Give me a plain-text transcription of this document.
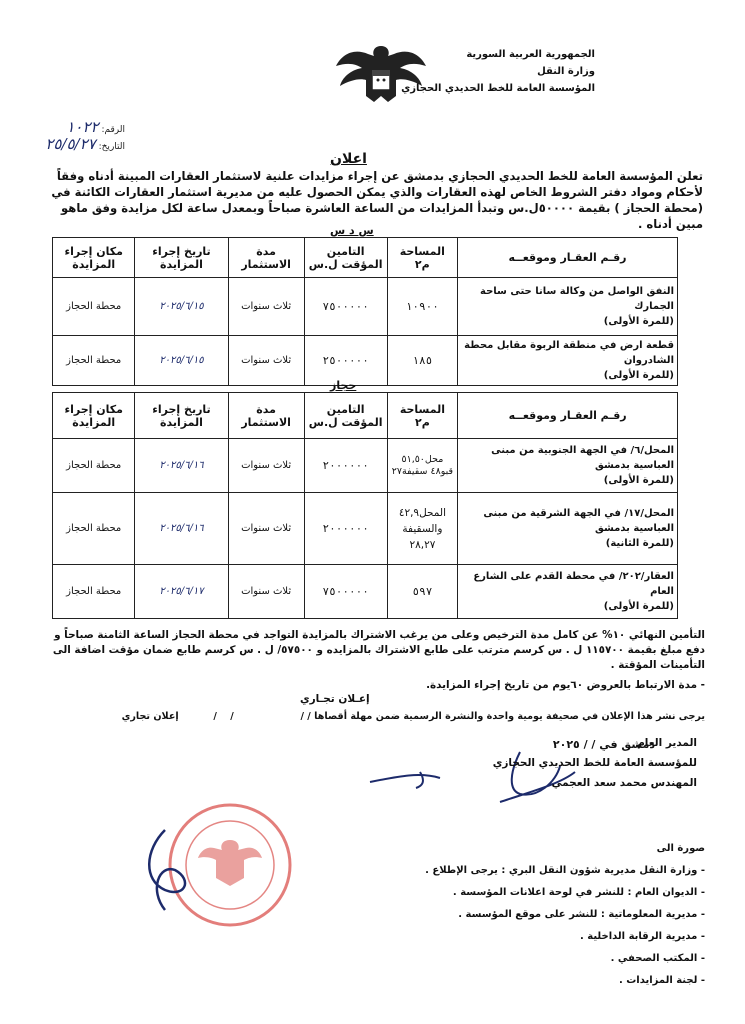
الجمهورية العربية السورية
وزارة النقل
المؤسسة العامة للخط الحديدي الحجازي
الرقم: ١٠٢٢
التاريخ: ٢٥/٥/٢٧
اعلان
تعلن المؤسسة العامة للخط الحديدي الحجازي بدمشق عن إجراء مزايدات علنية لاستثمار العقارات المبينة أدناه وفقاً لأحكام ومواد دفتر الشروط الخاص لهذه العقارات والذي يمكن الحصول عليه من مديرية استثمار العقارات الكائنة في (محطة الحجاز ) بقيمة ٥٠٠٠٠ل.س وتبدأ المزايدات من الساعة العاشرة صباحاً وبمعدل ساعة لكل مزايدة وفق ماهو مبين أدناه .
س د س
رقـم العقـار وموقعــه	المساحة م٢	التامين المؤقت ل.س	مدة الاستثمار	تاريخ إجراء المزايدة	مكان إجراء المزايدة

النفق الواصل من وكالة سانا حتى ساحة الجمارك
(للمرة الأولى)	١٠٩٠٠	٧٥٠٠٠٠٠	ثلاث سنوات	٢٠٢٥/٦/١٥	محطة الحجاز

قطعة ارض في منطقة الربوة مقابل محطة الشادروان
(للمرة الأولى)	١٨٥	٢٥٠٠٠٠٠	ثلاث سنوات	٢٠٢٥/٦/١٥	محطة الحجاز
حجاز
رقـم العقـار وموقعــه	المساحة م٢	التامين المؤقت ل.س	مدة الاستثمار	تاريخ إجراء المزايدة	مكان إجراء المزايدة

المحل/٦/ في الجهة الجنوبية من مبنى العباسية بدمشق
(للمرة الأولى)	محل٥١,٥٠ قبو٤٨ سقيفة٢٧	٢٠٠٠٠٠٠	ثلاث سنوات	٢٠٢٥/٦/١٦	محطة الحجاز

المحل/١٧/ في الجهة الشرقية من مبنى العباسية بدمشق
(للمرة الثانية)	المحل٤٢,٩ والسقيفة ٢٨,٢٧	٢٠٠٠٠٠٠	ثلاث سنوات	٢٠٢٥/٦/١٦	محطة الحجاز

العقار/٢٠٢/ في محطة القدم على الشارع العام
(للمرة الأولى)	٥٩٧	٧٥٠٠٠٠٠	ثلاث سنوات	٢٠٢٥/٦/١٧	محطة الحجاز
التأمين النهائي ١٠% عن كامل مدة الترخيص وعلى من يرغب الاشتراك بالمزايدة التواجد في محطة الحجاز الساعة الثامنة صباحاً و دفع مبلغ بقيمة ١١٥٧٠٠ ل . س كرسم مترتب على طابع الاشتراك بالمزايده و ٥٧٥٠٠/ ل . س كرسم طابع ضمان مؤقت اضافة الى التأمينات المؤقتة .
- مدة الارتباط بالعروض ٦٠يوم من تاريخ إجراء المزايدة.
إعـلان تجـاري
يرجى نشر هذا الإعلان في صحيفة يومية واحدة والنشرة الرسمية ضمن مهلة أقصاها / /  /    /  إعلان تجاري
دمشق في / / ٢٠٢٥
المدير العام
للمؤسسة العامة للخط الحديدي الحجازي
المهندس محمد سعد العجمي
صورة الى
- وزارة النقل مديرية شؤون النقل البري : يرجى الإطلاع .
- الديوان العام : للنشر في لوحة اعلانات المؤسسة .
- مديرية المعلوماتية : للنشر على موقع المؤسسة .
- مديرية الرقابة الداخلية .
- المكتب الصحفي .
- لجنة المزايدات .
